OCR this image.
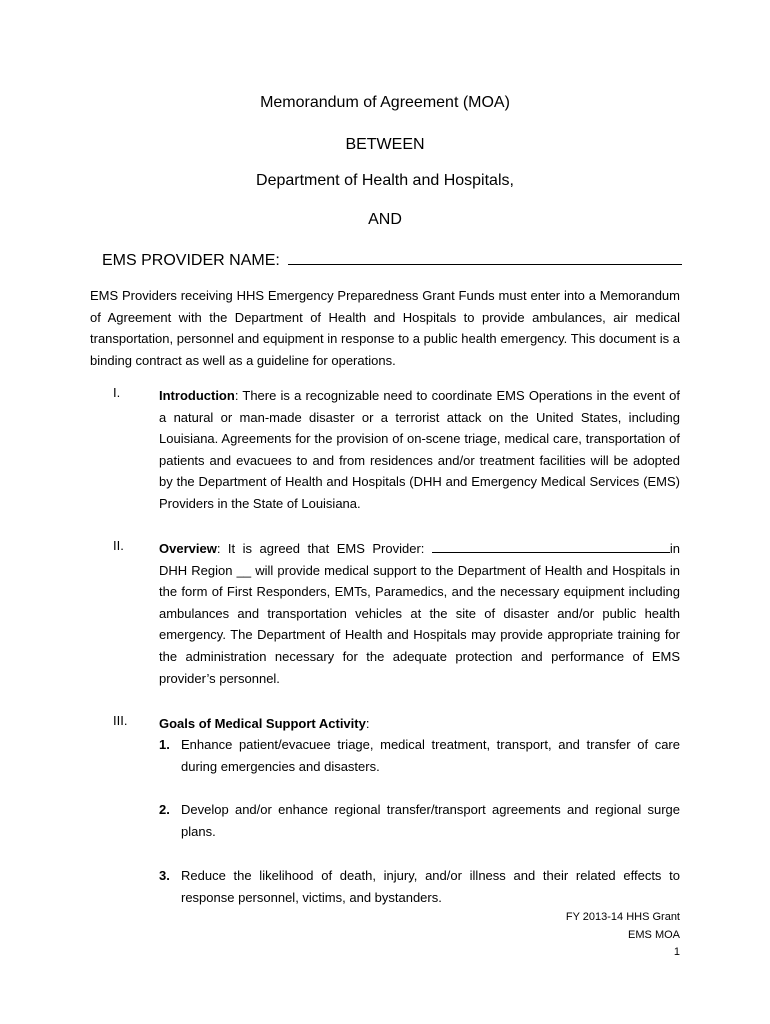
Memorandum of Agreement (MOA)
BETWEEN
Department of Health and Hospitals,
AND
EMS PROVIDER NAME:
EMS Providers receiving HHS Emergency Preparedness Grant Funds must enter into a Memorandum of Agreement with the Department of Health and Hospitals to provide ambulances, air medical transportation, personnel and equipment in response to a public health emergency. This document is a binding contract as well as a guideline for operations.
I.	Introduction: There is a recognizable need to coordinate EMS Operations in the event of a natural or man-made disaster or a terrorist attack on the United States, including Louisiana. Agreements for the provision of on-scene triage, medical care, transportation of patients and evacuees to and from residences and/or treatment facilities will be adopted by the Department of Health and Hospitals (DHH and Emergency Medical Services (EMS) Providers in the State of Louisiana.
II.	Overview: It is agreed that EMS Provider:	in DHH Region __ will provide medical support to the Department of Health and Hospitals in the form of First Responders, EMTs, Paramedics, and the necessary equipment including ambulances and transportation vehicles at the site of disaster and/or public health emergency. The Department of Health and Hospitals may provide appropriate training for the administration necessary for the adequate protection and performance of EMS provider’s personnel.
III. Goals of Medical Support Activity:
1. Enhance patient/evacuee triage, medical treatment, transport, and transfer of care during emergencies and disasters.
2. Develop and/or enhance regional transfer/transport agreements and regional surge plans.
3. Reduce the likelihood of death, injury, and/or illness and their related effects to response personnel, victims, and bystanders.
FY 2013-14 HHS Grant
EMS MOA
1
